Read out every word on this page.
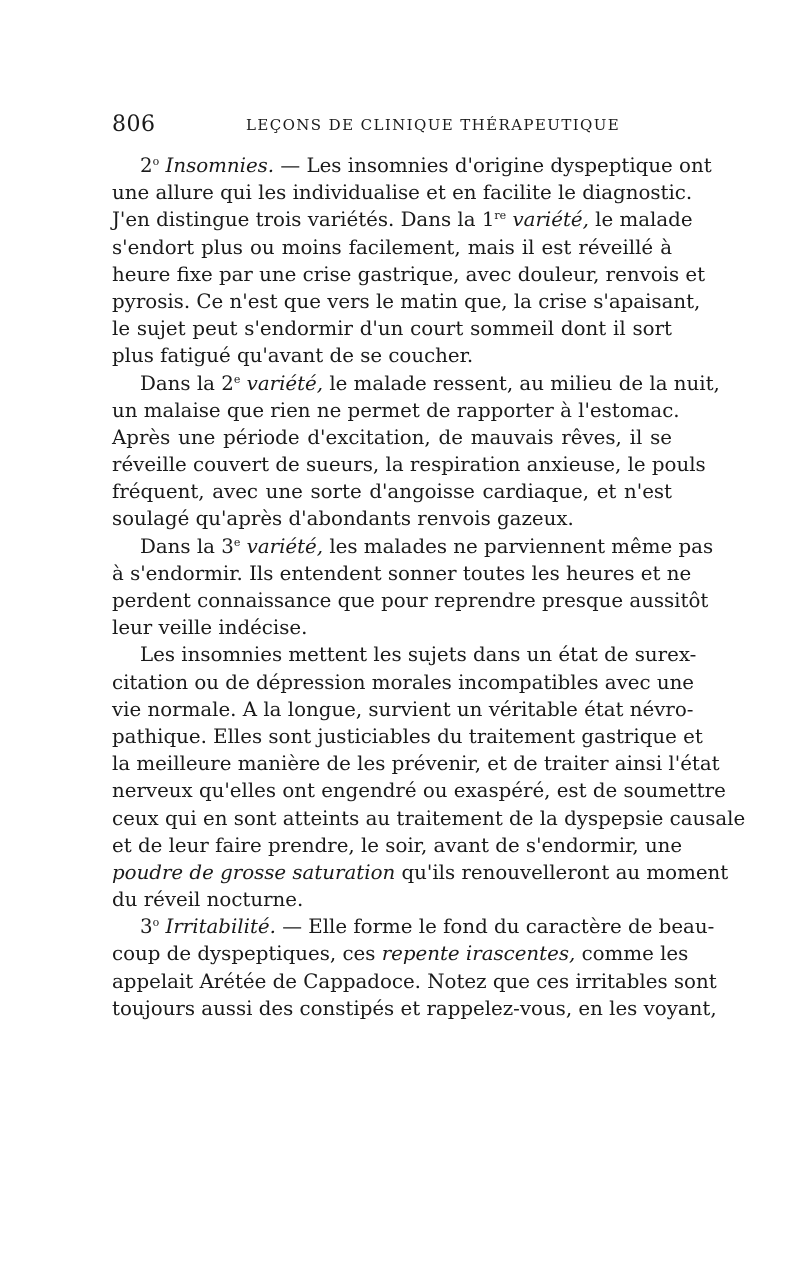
806	LEÇONS DE CLINIQUE THÉRAPEUTIQUE
2$^o$ Insomnies. — Les insomnies d'origine dyspeptique ont
une allure qui les individualise et en facilite le diagnostic.
J'en distingue trois variétés. Dans la 1re variété, le malade
s'endort plus ou moins facilement, mais il est réveillé à
heure fixe par une crise gastrique, avec douleur, renvois et
pyrosis. Ce n'est que vers le matin que, la crise s'apaisant,
le sujet peut s'endormir d'un court sommeil dont il sort
plus fatigué qu'avant de se coucher.
Dans la 2e variété, le malade ressent, au milieu de la nuit,
un malaise que rien ne permet de rapporter à l'estomac.
Après une période d'excitation, de mauvais rêves, il se
réveille couvert de sueurs, la respiration anxieuse, le pouls
fréquent, avec une sorte d'angoisse cardiaque, et n'est
soulagé qu'après d'abondants renvois gazeux.
Dans la 3e variété, les malades ne parviennent même pas
à s'endormir. Ils entendent sonner toutes les heures et ne
perdent connaissance que pour reprendre presque aussitôt
leur veille indécise.
Les insomnies mettent les sujets dans un état de surex-
citation ou de dépression morales incompatibles avec une
vie normale. A la longue, survient un véritable état névro-
pathique. Elles sont justiciables du traitement gastrique et
la meilleure manière de les prévenir, et de traiter ainsi l'état
nerveux qu'elles ont engendré ou exaspéré, est de soumettre
ceux qui en sont atteints au traitement de la dyspepsie causale
et de leur faire prendre, le soir, avant de s'endormir, une
poudre de grosse saturation qu'ils renouvelleront au moment
du réveil nocturne.
3$^o$ Irritabilité. — Elle forme le fond du caractère de beau-
coup de dyspeptiques, ces repente irascentes, comme les
appelait Arétée de Cappadoce. Notez que ces irritables sont
toujours aussi des constipés et rappelez-vous, en les voyant,
